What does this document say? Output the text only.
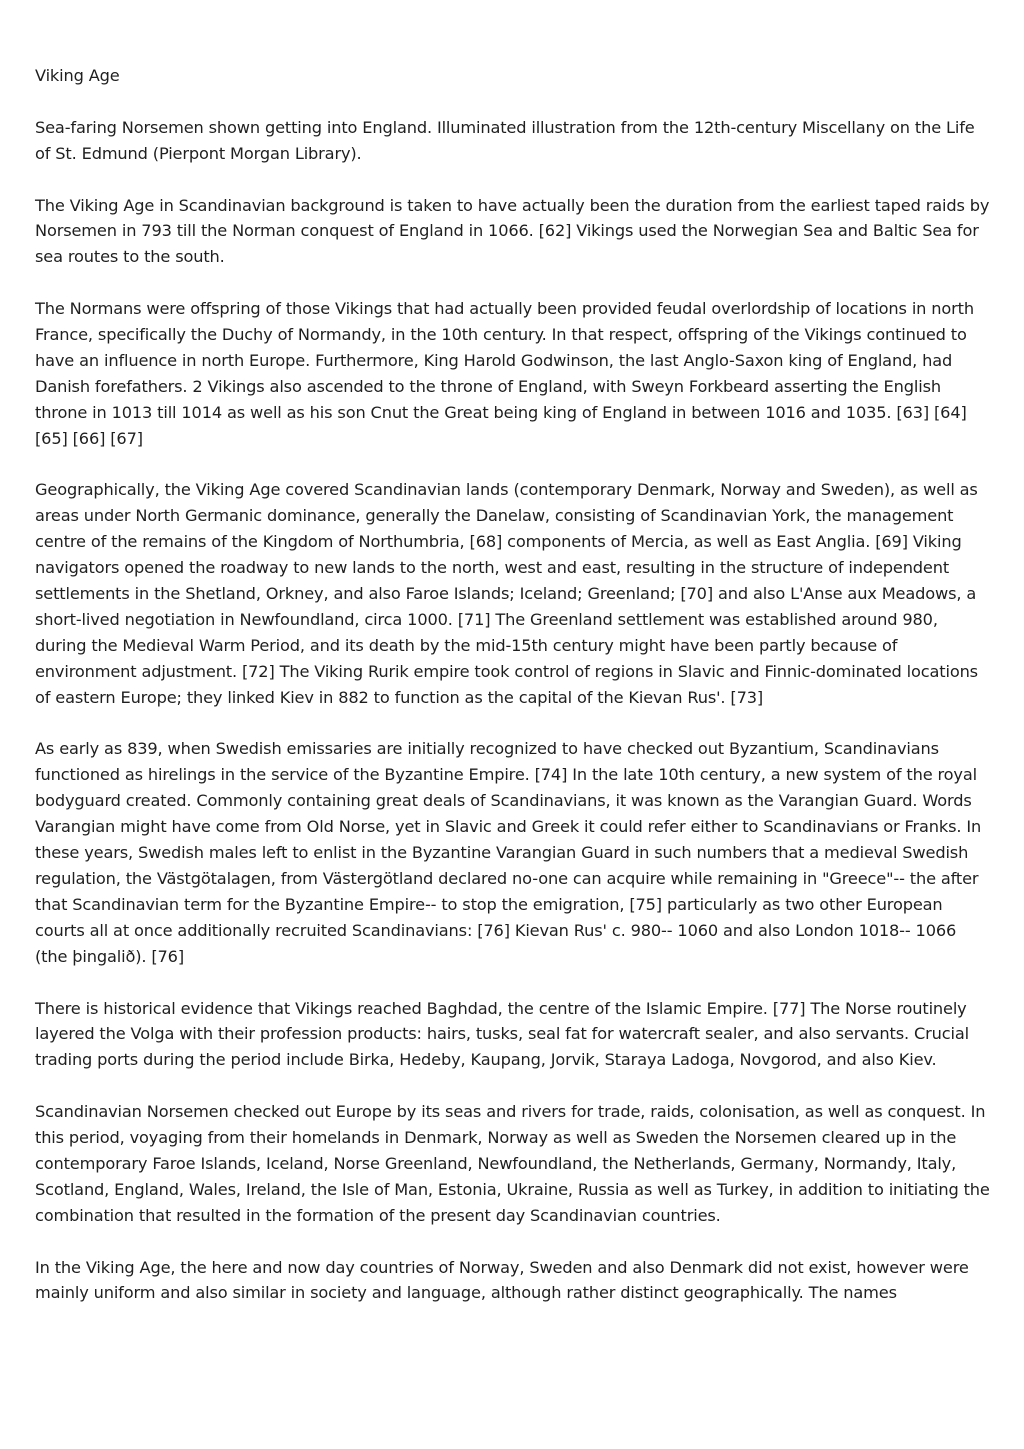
Viking Age

Sea-faring Norsemen shown getting into England. Illuminated illustration from the 12th-century Miscellany on the Life of St. Edmund (Pierpont Morgan Library).

The Viking Age in Scandinavian background is taken to have actually been the duration from the earliest taped raids by Norsemen in 793 till the Norman conquest of England in 1066. [62] Vikings used the Norwegian Sea and Baltic Sea for sea routes to the south.

The Normans were offspring of those Vikings that had actually been provided feudal overlordship of locations in north France, specifically the Duchy of Normandy, in the 10th century. In that respect, offspring of the Vikings continued to have an influence in north Europe. Furthermore, King Harold Godwinson, the last Anglo-Saxon king of England, had Danish forefathers. 2 Vikings also ascended to the throne of England, with Sweyn Forkbeard asserting the English throne in 1013 till 1014 as well as his son Cnut the Great being king of England in between 1016 and 1035. [63] [64] [65] [66] [67]

Geographically, the Viking Age covered Scandinavian lands (contemporary Denmark, Norway and Sweden), as well as areas under North Germanic dominance, generally the Danelaw, consisting of Scandinavian York, the management centre of the remains of the Kingdom of Northumbria, [68] components of Mercia, as well as East Anglia. [69] Viking navigators opened the roadway to new lands to the north, west and east, resulting in the structure of independent settlements in the Shetland, Orkney, and also Faroe Islands; Iceland; Greenland; [70] and also L'Anse aux Meadows, a short-lived negotiation in Newfoundland, circa 1000. [71] The Greenland settlement was established around 980, during the Medieval Warm Period, and its death by the mid-15th century might have been partly because of environment adjustment. [72] The Viking Rurik empire took control of regions in Slavic and Finnic-dominated locations of eastern Europe; they linked Kiev in 882 to function as the capital of the Kievan Rus'. [73]

As early as 839, when Swedish emissaries are initially recognized to have checked out Byzantium, Scandinavians functioned as hirelings in the service of the Byzantine Empire. [74] In the late 10th century, a new system of the royal bodyguard created. Commonly containing great deals of Scandinavians, it was known as the Varangian Guard. Words Varangian might have come from Old Norse, yet in Slavic and Greek it could refer either to Scandinavians or Franks. In these years, Swedish males left to enlist in the Byzantine Varangian Guard in such numbers that a medieval Swedish regulation, the Västgötalagen, from Västergötland declared no-one can acquire while remaining in "Greece"-- the after that Scandinavian term for the Byzantine Empire-- to stop the emigration, [75] particularly as two other European courts all at once additionally recruited Scandinavians: [76] Kievan Rus' c. 980-- 1060 and also London 1018-- 1066 (the þingalið). [76]

There is historical evidence that Vikings reached Baghdad, the centre of the Islamic Empire. [77] The Norse routinely layered the Volga with their profession products: hairs, tusks, seal fat for watercraft sealer, and also servants. Crucial trading ports during the period include Birka, Hedeby, Kaupang, Jorvik, Staraya Ladoga, Novgorod, and also Kiev.

Scandinavian Norsemen checked out Europe by its seas and rivers for trade, raids, colonisation, as well as conquest. In this period, voyaging from their homelands in Denmark, Norway as well as Sweden the Norsemen cleared up in the contemporary Faroe Islands, Iceland, Norse Greenland, Newfoundland, the Netherlands, Germany, Normandy, Italy, Scotland, England, Wales, Ireland, the Isle of Man, Estonia, Ukraine, Russia as well as Turkey, in addition to initiating the combination that resulted in the formation of the present day Scandinavian countries.

In the Viking Age, the here and now day countries of Norway, Sweden and also Denmark did not exist, however were mainly uniform and also similar in society and language, although rather distinct geographically. The names
